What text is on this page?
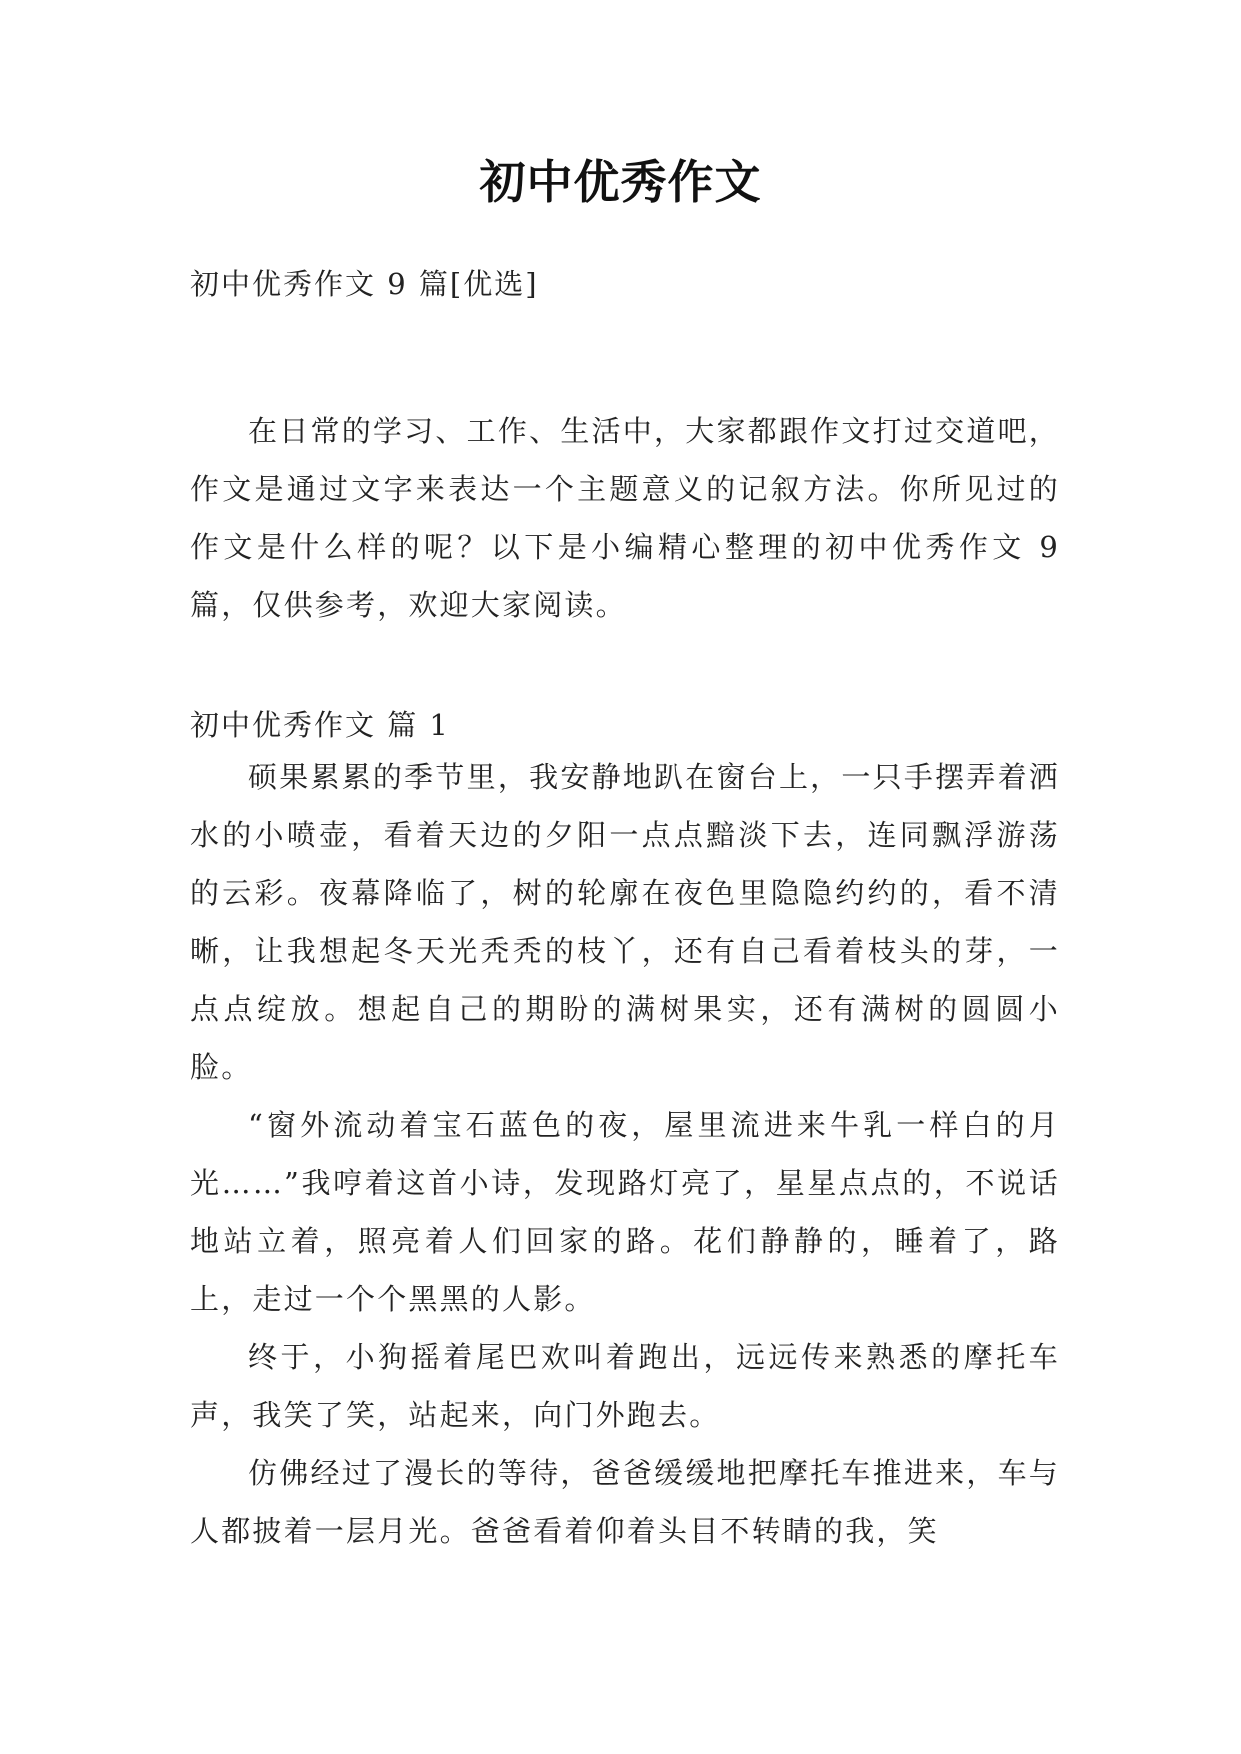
初中优秀作文
初中优秀作文 9 篇[优选]

在日常的学习、工作、生活中，大家都跟作文打过交道吧，作文是通过文字来表达一个主题意义的记叙方法。你所见过的作文是什么样的呢？以下是小编精心整理的初中优秀作文 9 篇，仅供参考，欢迎大家阅读。

初中优秀作文 篇 1

硕果累累的季节里，我安静地趴在窗台上，一只手摆弄着洒水的小喷壶，看着天边的夕阳一点点黯淡下去，连同飘浮游荡的云彩。夜幕降临了，树的轮廓在夜色里隐隐约约的，看不清晰，让我想起冬天光秃秃的枝丫，还有自己看着枝头的芽，一点点绽放。想起自己的期盼的满树果实，还有满树的圆圆小脸。

“窗外流动着宝石蓝色的夜，屋里流进来牛乳一样白的月光……”我哼着这首小诗，发现路灯亮了，星星点点的，不说话地站立着，照亮着人们回家的路。花们静静的，睡着了，路上，走过一个个黑黑的人影。

终于，小狗摇着尾巴欢叫着跑出，远远传来熟悉的摩托车声，我笑了笑，站起来，向门外跑去。

仿佛经过了漫长的等待，爸爸缓缓地把摩托车推进来，车与人都披着一层月光。爸爸看着仰着头目不转睛的我，笑
